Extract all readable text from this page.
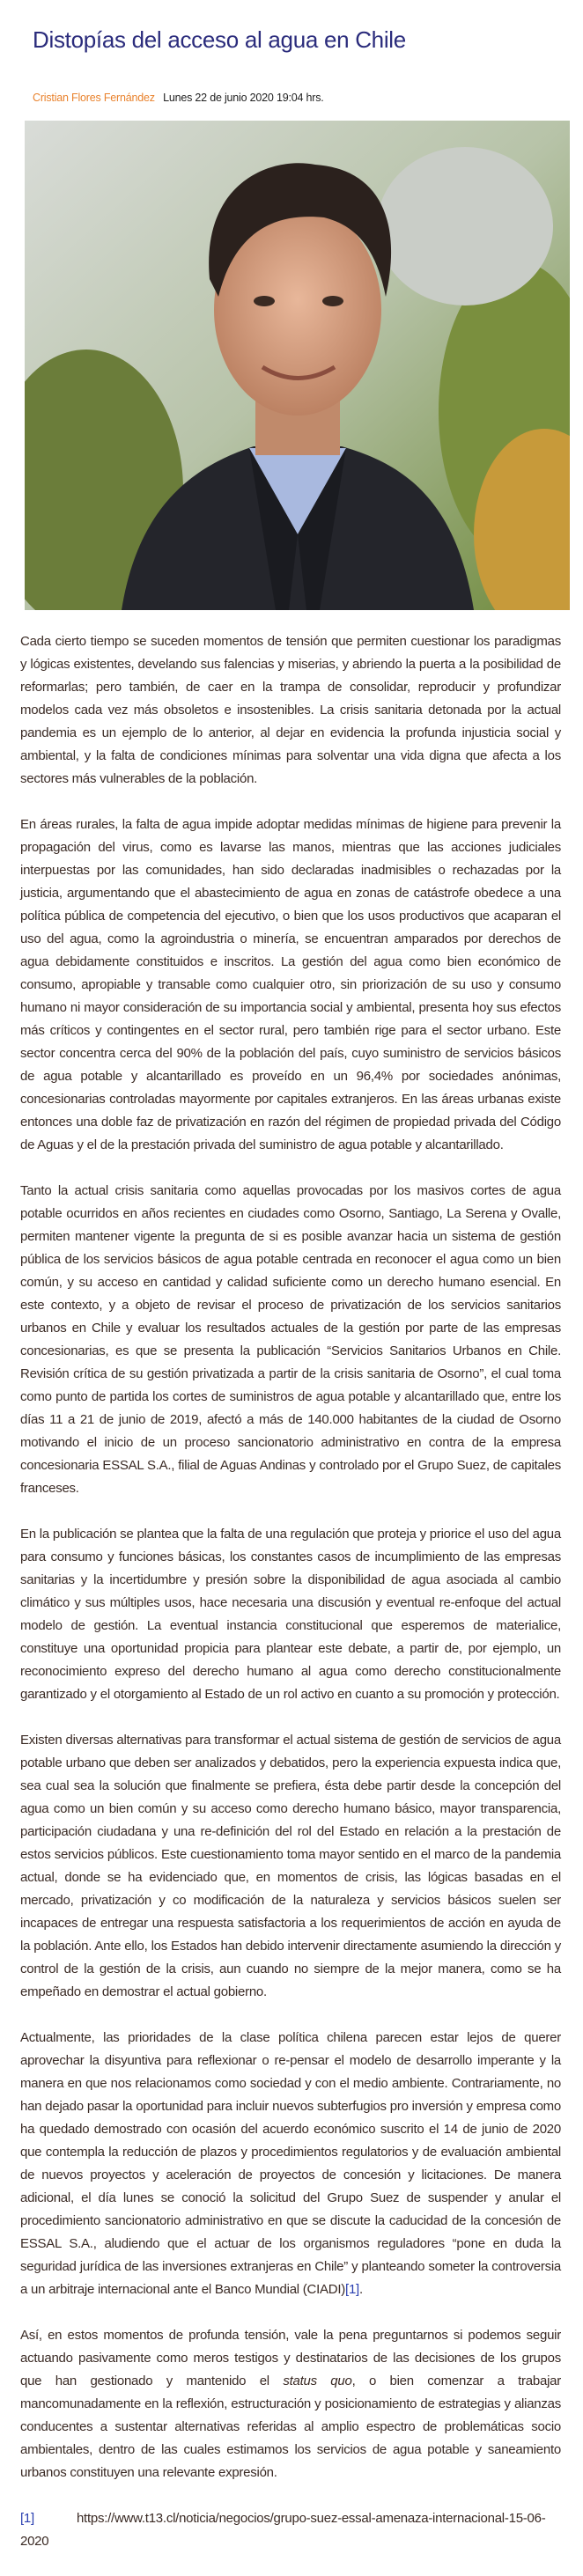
Distopías del acceso al agua en Chile
Cristian Flores Fernández Lunes 22 de junio 2020 19:04 hrs.

Cada cierto tiempo se suceden momentos de tensión que permiten cuestionar los paradigmas y lógicas existentes, develando sus falencias y miserias, y abriendo la puerta a la posibilidad de reformarlas; pero también, de caer en la trampa de consolidar, reproducir y profundizar modelos cada vez más obsoletos e insostenibles. La crisis sanitaria detonada por la actual pandemia es un ejemplo de lo anterior, al dejar en evidencia la profunda injusticia social y ambiental, y la falta de condiciones mínimas para solventar una vida digna que afecta a los sectores más vulnerables de la población.

En áreas rurales, la falta de agua impide adoptar medidas mínimas de higiene para prevenir la propagación del virus, como es lavarse las manos, mientras que las acciones judiciales interpuestas por las comunidades, han sido declaradas inadmisibles o rechazadas por la justicia, argumentando que el abastecimiento de agua en zonas de catástrofe obedece a una política pública de competencia del ejecutivo, o bien que los usos productivos que acaparan el uso del agua, como la agroindustria o minería, se encuentran amparados por derechos de agua debidamente constituidos e inscritos. La gestión del agua como bien económico de consumo, apropiable y transable como cualquier otro, sin priorización de su uso y consumo humano ni mayor consideración de su importancia social y ambiental, presenta hoy sus efectos más críticos y contingentes en el sector rural, pero también rige para el sector urbano. Este sector concentra cerca del 90% de la población del país, cuyo suministro de servicios básicos de agua potable y alcantarillado es proveído en un 96,4% por sociedades anónimas, concesionarias controladas mayormente por capitales extranjeros. En las áreas urbanas existe entonces una doble faz de privatización en razón del régimen de propiedad privada del Código de Aguas y el de la prestación privada del suministro de agua potable y alcantarillado.

Tanto la actual crisis sanitaria como aquellas provocadas por los masivos cortes de agua potable ocurridos en años recientes en ciudades como Osorno, Santiago, La Serena y Ovalle, permiten mantener vigente la pregunta de si es posible avanzar hacia un sistema de gestión pública de los servicios básicos de agua potable centrada en reconocer el agua como un bien común, y su acceso en cantidad y calidad suficiente como un derecho humano esencial. En este contexto, y a objeto de revisar el proceso de privatización de los servicios sanitarios urbanos en Chile y evaluar los resultados actuales de la gestión por parte de las empresas concesionarias, es que se presenta la publicación “Servicios Sanitarios Urbanos en Chile. Revisión crítica de su gestión privatizada a partir de la crisis sanitaria de Osorno”, el cual toma como punto de partida los cortes de suministros de agua potable y alcantarillado que, entre los días 11 a 21 de junio de 2019, afectó a más de 140.000 habitantes de la ciudad de Osorno motivando el inicio de un proceso sancionatorio administrativo en contra de la empresa concesionaria ESSAL S.A., filial de Aguas Andinas y controlado por el Grupo Suez, de capitales franceses.

En la publicación se plantea que la falta de una regulación que proteja y priorice el uso del agua para consumo y funciones básicas, los constantes casos de incumplimiento de las empresas sanitarias y la incertidumbre y presión sobre la disponibilidad de agua asociada al cambio climático y sus múltiples usos, hace necesaria una discusión y eventual re-enfoque del actual modelo de gestión. La eventual instancia constitucional que esperemos de materialice, constituye una oportunidad propicia para plantear este debate, a partir de, por ejemplo, un reconocimiento expreso del derecho humano al agua como derecho constitucionalmente garantizado y el otorgamiento al Estado de un rol activo en cuanto a su promoción y protección.

Existen diversas alternativas para transformar el actual sistema de gestión de servicios de agua potable urbano que deben ser analizados y debatidos, pero la experiencia expuesta indica que, sea cual sea la solución que finalmente se prefiera, ésta debe partir desde la concepción del agua como un bien común y su acceso como derecho humano básico, mayor transparencia, participación ciudadana y una re-definición del rol del Estado en relación a la prestación de estos servicios públicos. Este cuestionamiento toma mayor sentido en el marco de la pandemia actual, donde se ha evidenciado que, en momentos de crisis, las lógicas basadas en el mercado, privatización y co modificación de la naturaleza y servicios básicos suelen ser incapaces de entregar una respuesta satisfactoria a los requerimientos de acción en ayuda de la población. Ante ello, los Estados han debido intervenir directamente asumiendo la dirección y control de la gestión de la crisis, aun cuando no siempre de la mejor manera, como se ha empeñado en demostrar el actual gobierno.

Actualmente, las prioridades de la clase política chilena parecen estar lejos de querer aprovechar la disyuntiva para reflexionar o re-pensar el modelo de desarrollo imperante y la manera en que nos relacionamos como sociedad y con el medio ambiente. Contrariamente, no han dejado pasar la oportunidad para incluir nuevos subterfugios pro inversión y empresa como ha quedado demostrado con ocasión del acuerdo económico suscrito el 14 de junio de 2020 que contempla la reducción de plazos y procedimientos regulatorios y de evaluación ambiental de nuevos proyectos y aceleración de proyectos de concesión y licitaciones. De manera adicional, el día lunes se conoció la solicitud del Grupo Suez de suspender y anular el procedimiento sancionatorio administrativo en que se discute la caducidad de la concesión de ESSAL S.A., aludiendo que el actuar de los organismos reguladores “pone en duda la seguridad jurídica de las inversiones extranjeras en Chile” y planteando someter la controversia a un arbitraje internacional ante el Banco Mundial (CIADI)[1].

Así, en estos momentos de profunda tensión, vale la pena preguntarnos si podemos seguir actuando pasivamente como meros testigos y destinatarios de las decisiones de los grupos que han gestionado y mantenido el status quo, o bien comenzar a trabajar mancomunadamente en la reflexión, estructuración y posicionamiento de estrategias y alianzas conducentes a sustentar alternativas referidas al amplio espectro de problemáticas socio ambientales, dentro de las cuales estimamos los servicios de agua potable y saneamiento urbanos constituyen una relevante expresión.

[1]	https://www.t13.cl/noticia/negocios/grupo-suez-essal-amenaza-internacional-15-06-2020
